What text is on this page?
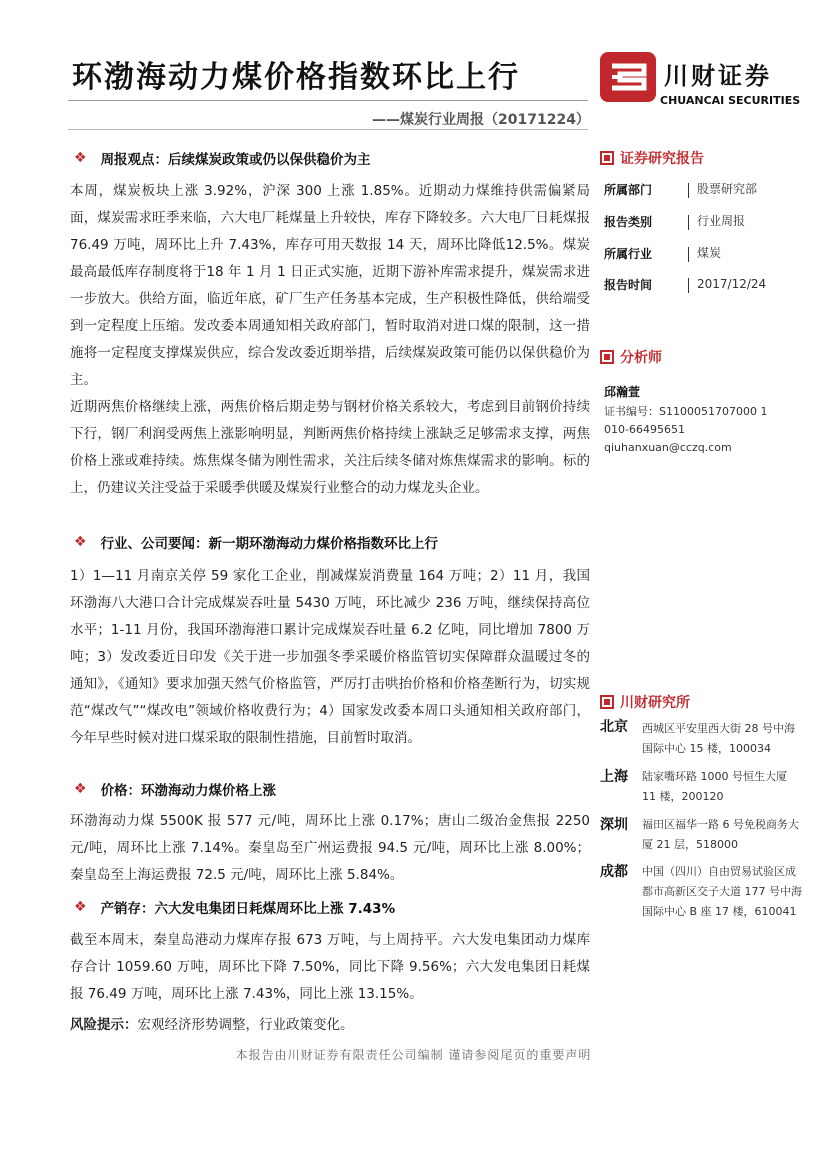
环渤海动力煤价格指数环比上行
——煤炭行业周报（20171224）
川财证券
CHUANCAI SECURITIES
❖ 周报观点：后续煤炭政策或仍以保供稳价为主

本周，煤炭板块上涨 3.92%，沪深 300 上涨 1.85%。近期动力煤维持供需偏紧局面，煤炭需求旺季来临，六大电厂耗煤量上升较快，库存下降较多。六大电厂日耗煤报 76.49 万吨，周环比上升 7.43%，库存可用天数报 14 天，周环比降低12.5%。煤炭最高最低库存制度将于18 年 1 月 1 日正式实施，近期下游补库需求提升，煤炭需求进一步放大。供给方面，临近年底，矿厂生产任务基本完成，生产积极性降低，供给端受到一定程度上压缩。发改委本周通知相关政府部门，暂时取消对进口煤的限制，这一措施将一定程度支撑煤炭供应，综合发改委近期举措，后续煤炭政策可能仍以保供稳价为主。

近期两焦价格继续上涨，两焦价格后期走势与钢材价格关系较大，考虑到目前钢价持续下行，钢厂利润受两焦上涨影响明显，判断两焦价格持续上涨缺乏足够需求支撑，两焦价格上涨或难持续。炼焦煤冬储为刚性需求，关注后续冬储对炼焦煤需求的影响。标的上，仍建议关注受益于采暖季供暖及煤炭行业整合的动力煤龙头企业。

❖ 行业、公司要闻：新一期环渤海动力煤价格指数环比上行

1）1—11 月南京关停 59 家化工企业，削减煤炭消费量 164 万吨；2）11 月，我国环渤海八大港口合计完成煤炭吞吐量 5430 万吨，环比减少 236 万吨，继续保持高位水平；1-11 月份，我国环渤海港口累计完成煤炭吞吐量 6.2 亿吨，同比增加 7800 万吨；3）发改委近日印发《关于进一步加强冬季采暖价格监管切实保障群众温暖过冬的通知》，《通知》要求加强天然气价格监管，严厉打击哄抬价格和价格垄断行为，切实规范“煤改气”“煤改电”领域价格收费行为；4）国家发改委本周口头通知相关政府部门，今年早些时候对进口煤采取的限制性措施，目前暂时取消。

❖ 价格：环渤海动力煤价格上涨

环渤海动力煤 5500K 报 577 元/吨，周环比上涨 0.17%；唐山二级冶金焦报 2250 元/吨，周环比上涨 7.14%。秦皇岛至广州运费报 94.5 元/吨，周环比上涨 8.00%；秦皇岛至上海运费报 72.5 元/吨，周环比上涨 5.84%。

❖ 产销存：六大发电集团日耗煤周环比上涨 7.43%

截至本周末，秦皇岛港动力煤库存报 673 万吨，与上周持平。六大发电集团动力煤库存合计 1059.60 万吨，周环比下降 7.50%，同比下降 9.56%；六大发电集团日耗煤报 76.49 万吨，周环比上涨 7.43%，同比上涨 13.15%。

风险提示：宏观经济形势调整，行业政策变化。

证券研究报告
所属部门	股票研究部
报告类别	行业周报
所属行业	煤炭
报告时间	2017/12/24
分析师
邱瀚萱
证书编号：S1100051707000 1
010-66495651
qiuhanxuan@cczq.com
川财研究所
北京 西城区平安里西大街 28 号中海国际中心 15 楼，100034
上海 陆家嘴环路 1000 号恒生大厦 11 楼，200120
深圳 福田区福华一路 6 号免税商务大厦 21 层，518000
成都 中国（四川）自由贸易试验区成都市高新区交子大道 177 号中海国际中心 B 座 17 楼，610041
本报告由川财证券有限责任公司编制 谨请参阅尾页的重要声明
